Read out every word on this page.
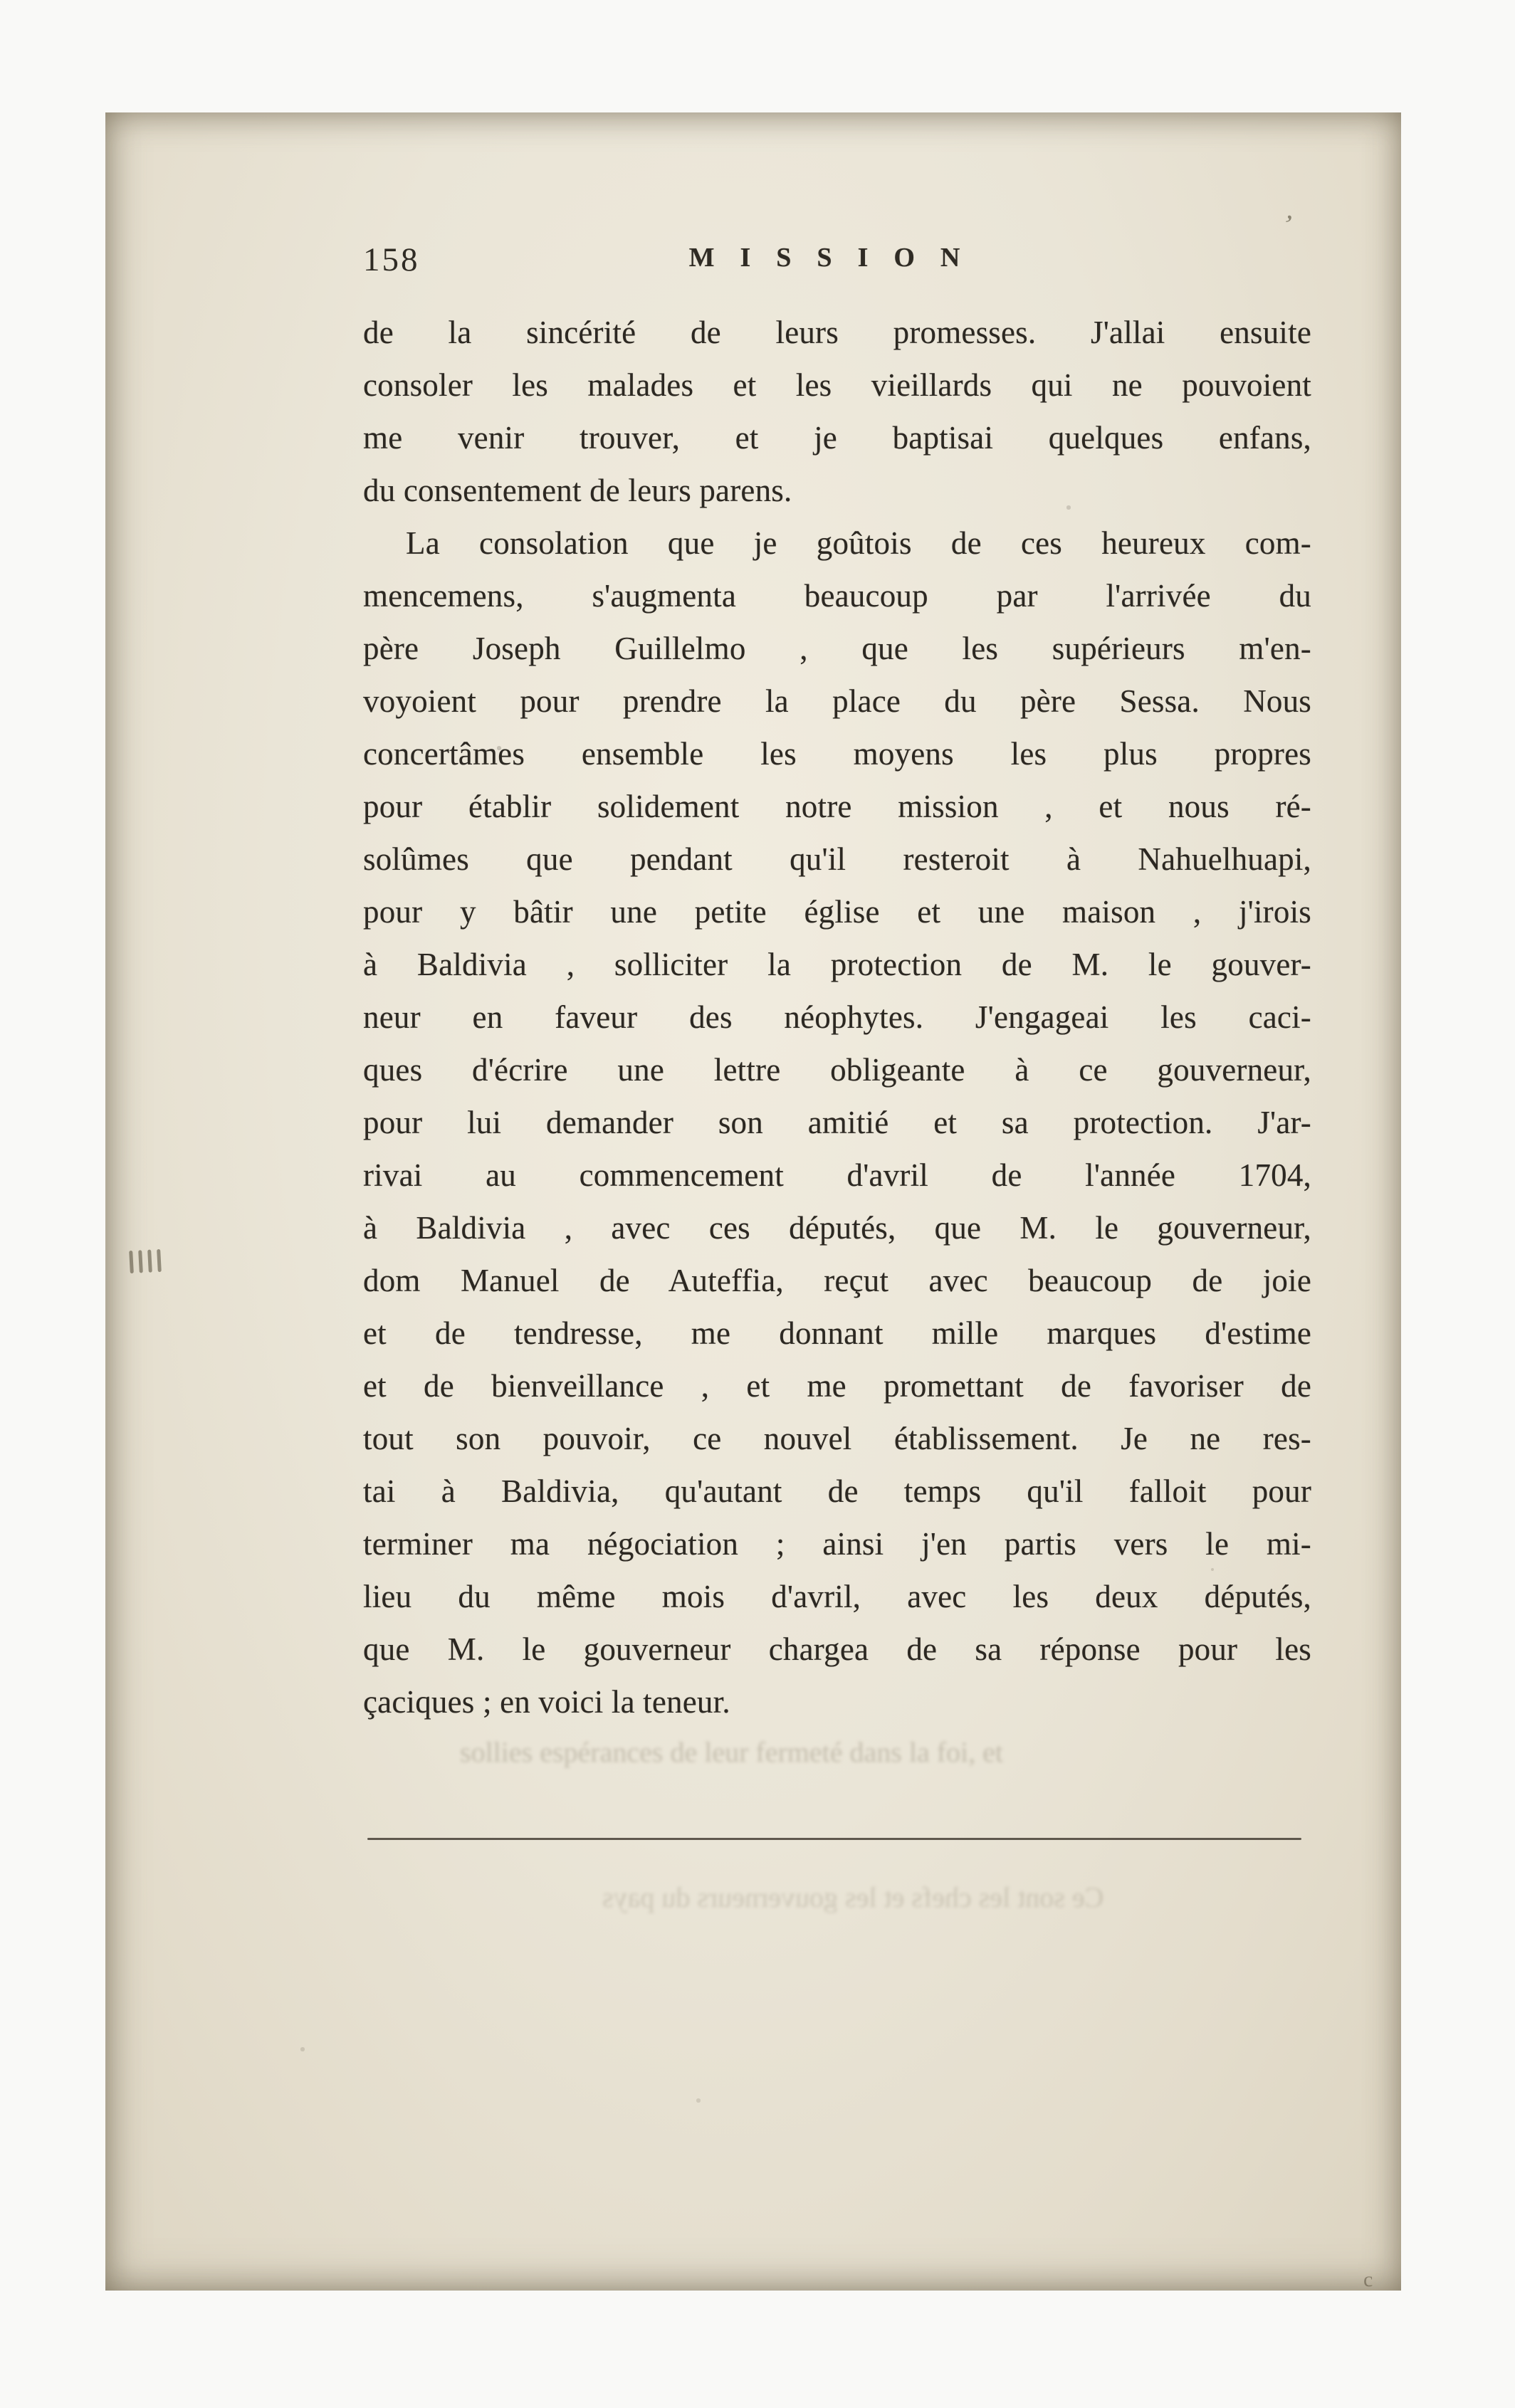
158	MISSION
de la sincérité de leurs promesses. J'allai ensuite
consoler les malades et les vieillards qui ne pouvoient
me venir trouver, et je baptisai quelques enfans,
du consentement de leurs parens.
La consolation que je goûtois de ces heureux com-
mencemens, s'augmenta beaucoup par l'arrivée du
père Joseph Guillelmo , que les supérieurs m'en-
voyoient pour prendre la place du père Sessa. Nous
concertâmes ensemble les moyens les plus propres
pour établir solidement notre mission , et nous ré-
solûmes que pendant qu'il resteroit à Nahuelhuapi,
pour y bâtir une petite église et une maison , j'irois
à Baldivia , solliciter la protection de M. le gouver-
neur en faveur des néophytes. J'engageai les caci-
ques d'écrire une lettre obligeante à ce gouverneur,
pour lui demander son amitié et sa protection. J'ar-
rivai au commencement d'avril de l'année 1704,
à Baldivia , avec ces députés, que M. le gouverneur,
dom Manuel de Auteffia, reçut avec beaucoup de joie
et de tendresse, me donnant mille marques d'estime
et de bienveillance , et me promettant de favoriser de
tout son pouvoir, ce nouvel établissement. Je ne res-
tai à Baldivia, qu'autant de temps qu'il falloit pour
terminer ma négociation ; ainsi j'en partis vers le mi-
lieu du même mois d'avril, avec les deux députés,
que M. le gouverneur chargea de sa réponse pour les
çaciques ; en voici la teneur.
sollies espérances de leur fermeté dans la foi, et
Ce sont les chefs et les gouverneurs du pays
’
c
